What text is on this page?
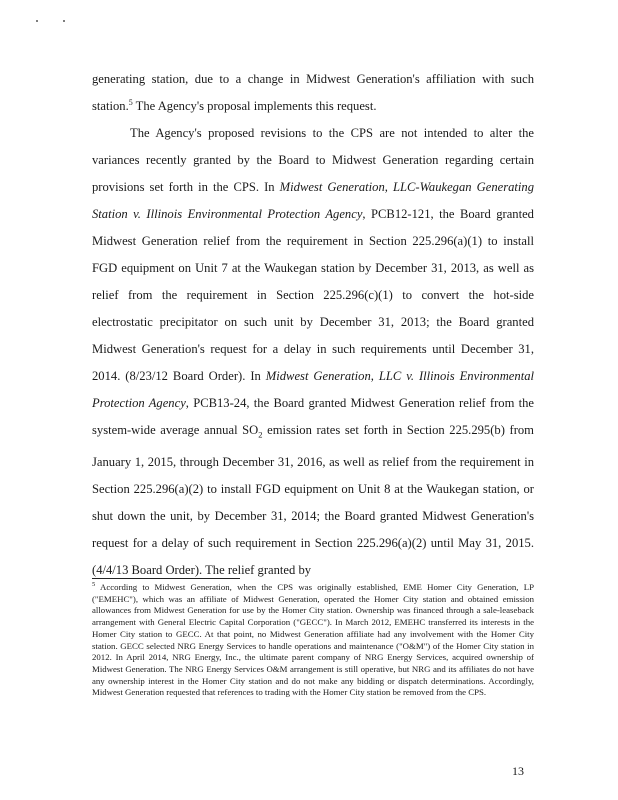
generating station, due to a change in Midwest Generation's affiliation with such station.$^5$ The Agency's proposal implements this request.

The Agency's proposed revisions to the CPS are not intended to alter the variances recently granted by the Board to Midwest Generation regarding certain provisions set forth in the CPS. In Midwest Generation, LLC-Waukegan Generating Station v. Illinois Environmental Protection Agency, PCB12-121, the Board granted Midwest Generation relief from the requirement in Section 225.296(a)(1) to install FGD equipment on Unit 7 at the Waukegan station by December 31, 2013, as well as relief from the requirement in Section 225.296(c)(1) to convert the hot-side electrostatic precipitator on such unit by December 31, 2013; the Board granted Midwest Generation's request for a delay in such requirements until December 31, 2014. (8/23/12 Board Order). In Midwest Generation, LLC v. Illinois Environmental Protection Agency, PCB13-24, the Board granted Midwest Generation relief from the system-wide average annual $SO_2$ emission rates set forth in Section 225.295(b) from January 1, 2015, through December 31, 2016, as well as relief from the requirement in Section 225.296(a)(2) to install FGD equipment on Unit 8 at the Waukegan station, or shut down the unit, by December 31, 2014; the Board granted Midwest Generation's request for a delay of such requirement in Section 225.296(a)(2) until May 31, 2015. (4/4/13 Board Order). The relief granted by

$^5$ According to Midwest Generation, when the CPS was originally established, EME Homer City Generation, LP ("EMEHC"), which was an affiliate of Midwest Generation, operated the Homer City station and obtained emission allowances from Midwest Generation for use by the Homer City station. Ownership was financed through a sale-leaseback arrangement with General Electric Capital Corporation ("GECC"). In March 2012, EMEHC transferred its interests in the Homer City station to GECC. At that point, no Midwest Generation affiliate had any involvement with the Homer City station. GECC selected NRG Energy Services to handle operations and maintenance ("O&M") of the Homer City station in 2012. In April 2014, NRG Energy, Inc., the ultimate parent company of NRG Energy Services, acquired ownership of Midwest Generation. The NRG Energy Services O&M arrangement is still operative, but NRG and its affiliates do not have any ownership interest in the Homer City station and do not make any bidding or dispatch determinations. Accordingly, Midwest Generation requested that references to trading with the Homer City station be removed from the CPS.

13
